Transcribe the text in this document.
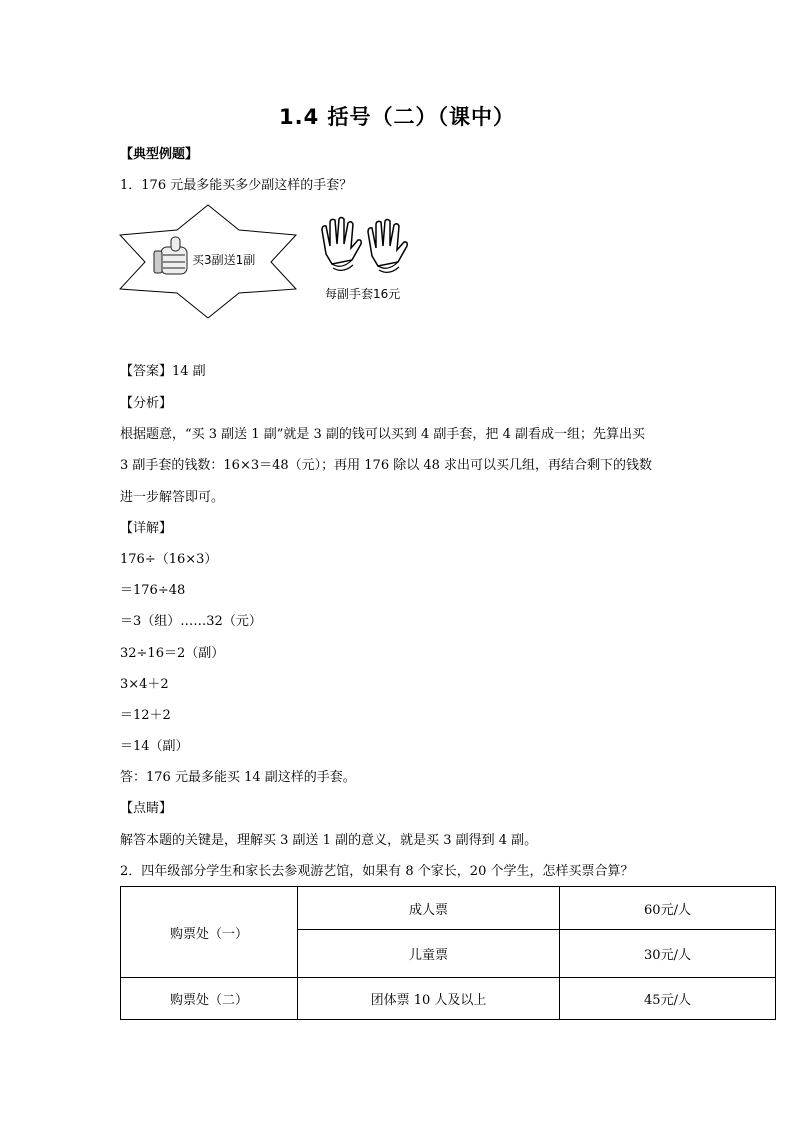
1.4 括号（二）（课中）
【典型例题】
1．176 元最多能买多少副这样的手套？
买3副送1副
每副手套16元
【答案】14 副
【分析】
根据题意，“买 3 副送 1 副”就是 3 副的钱可以买到 4 副手套，把 4 副看成一组；先算出买
3 副手套的钱数：16×3＝48（元）；再用 176 除以 48 求出可以买几组，再结合剩下的钱数
进一步解答即可。
【详解】
176÷（16×3）
＝176÷48
＝3（组）……32（元）
32÷16＝2（副）
3×4＋2
＝12＋2
＝14（副）
答：176 元最多能买 14 副这样的手套。
【点睛】
解答本题的关键是，理解买 3 副送 1 副的意义，就是买 3 副得到 4 副。
2．四年级部分学生和家长去参观游艺馆，如果有 8 个家长，20 个学生，怎样买票合算？
购票处（一）	成人票	60元/人
	儿童票	30元/人
购票处（二）	团体票 10 人及以上	45元/人
